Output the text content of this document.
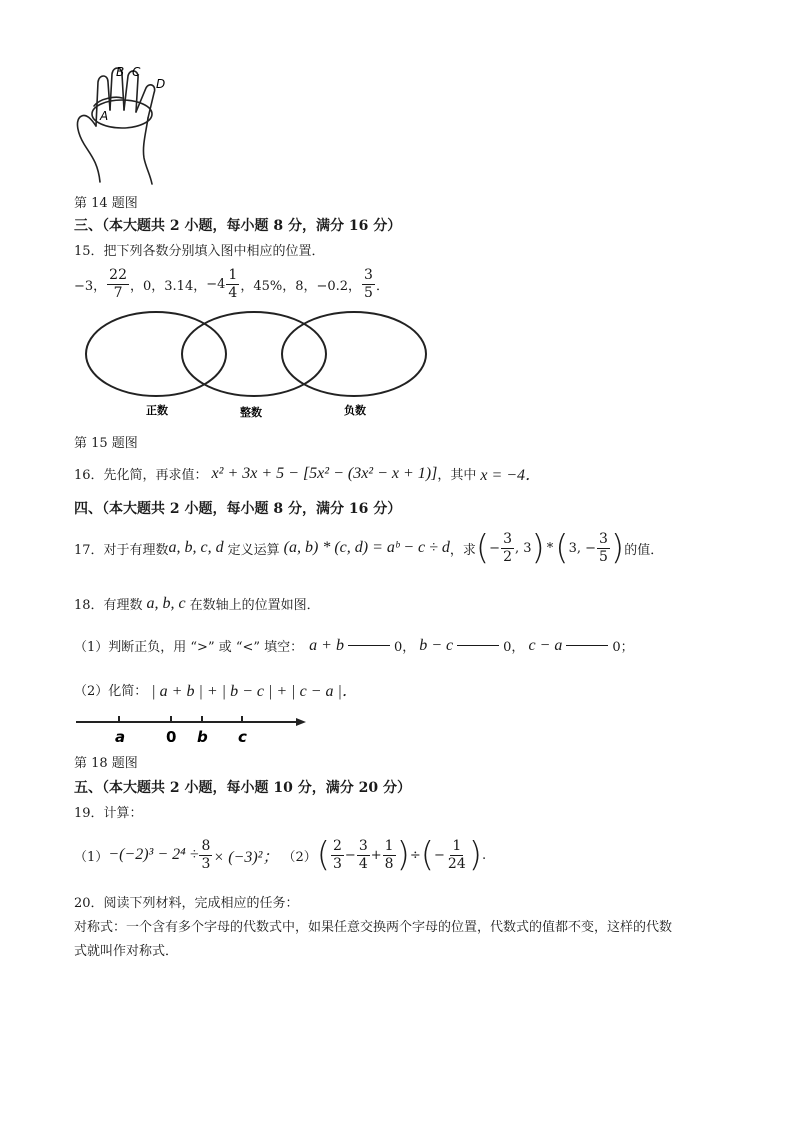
A
B C
D
第 14 题图
三、（本大题共 2 小题，每小题 8 分，满分 16 分）
15．把下列各数分别填入图中相应的位置．
−3， $\frac{22}{7}$ ，0，3.14， $-4 \frac{1}{4}$ ，45%，8，−0.2， $\frac{3}{5}$ ．
正数	整数	负数
第 15 题图
16．先化简，再求值： x² + 3x + 5 − [5x² − (3x² − x + 1)] ，其中 x = −4．
四、（本大题共 2 小题，每小题 8 分，满分 16 分）
17．对于有理数 a, b, c, d 定义运算 (a, b) * (c, d) = aᵇ − c ÷ d ，求 ( − $\frac{3}{2}$ , 3 ) * ( 3, − $\frac{3}{5}$ ) 的值．
18．有理数 a, b, c 在数轴上的位置如图．
（1）判断正负，用 “>” 或 “<” 填空： a + b	0， b − c	0， c − a	0；
（2）化简： | a + b | + | b − c | + | c − a |．
a	0 b c
第 18 题图
五、（本大题共 2 小题，每小题 10 分，满分 20 分）
19．计算：
$(1) -(-2)^3 - 2^4 \div \frac{8}{3} \times (-3)^2$； （2） ( $\frac{2}{3} - \frac{3}{4} + \frac{1}{8}$ ) ÷ ( − $\frac{1}{24}$ ) .
20．阅读下列材料，完成相应的任务：
对称式：一个含有多个字母的代数式中，如果任意交换两个字母的位置，代数式的值都不变，这样的代数
式就叫作对称式．
